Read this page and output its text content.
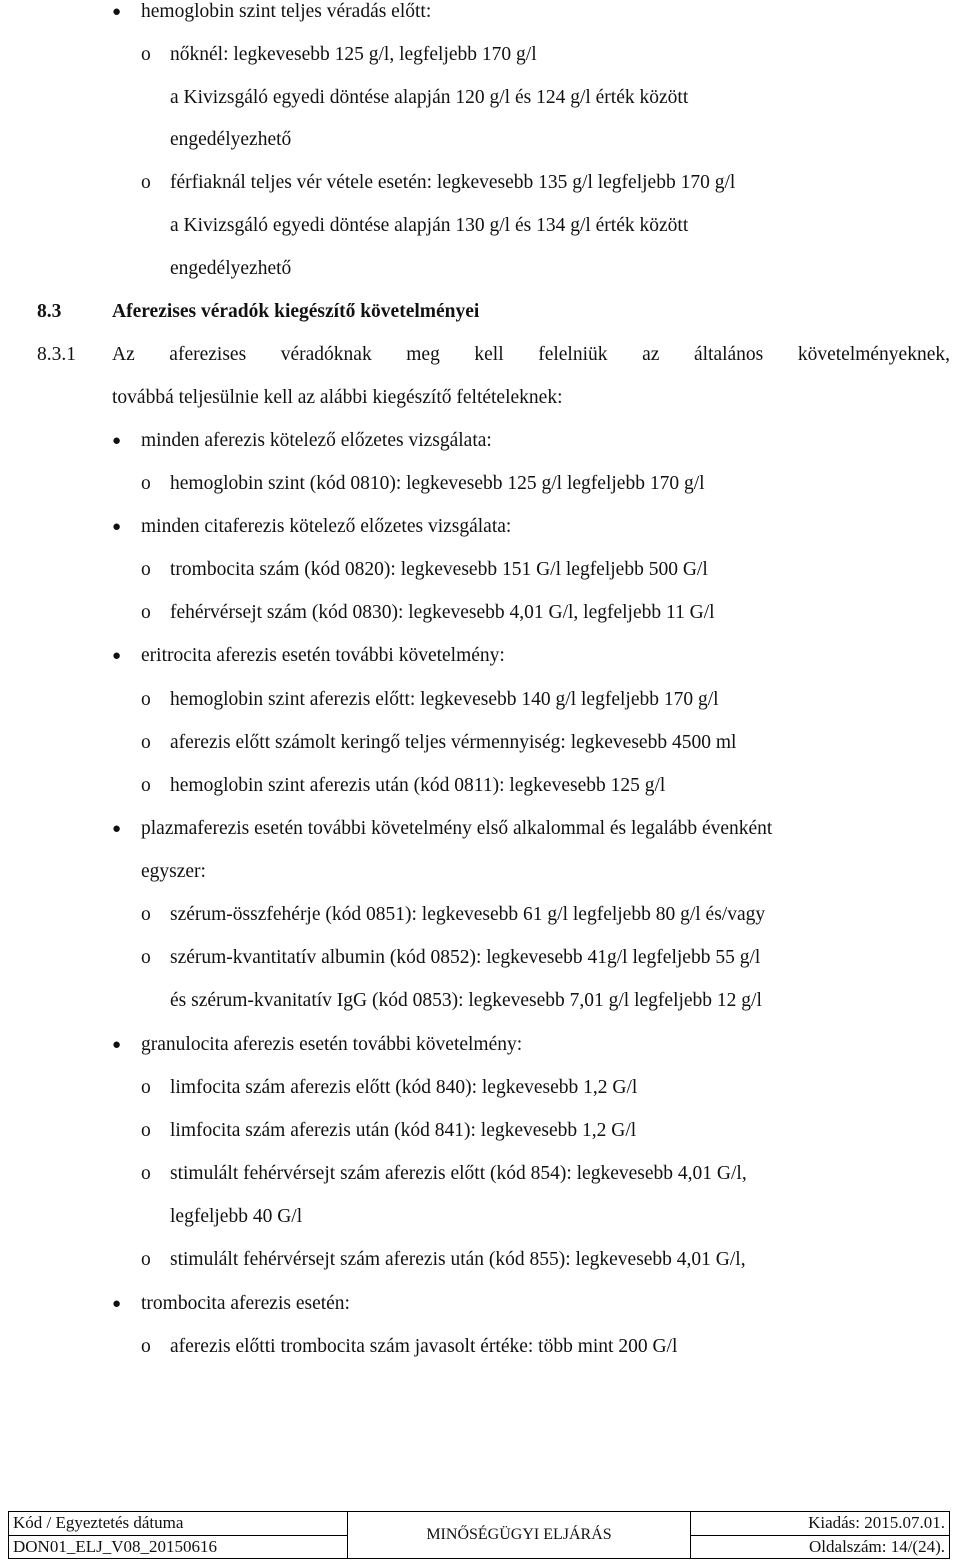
● hemoglobin szint teljes véradás előtt:
o nőknél: legkevesebb 125 g/l, legfeljebb 170 g/l
a Kivizsgáló egyedi döntése alapján 120 g/l és 124 g/l érték között
engedélyezhető
o férfiaknál teljes vér vétele esetén: legkevesebb 135 g/l legfeljebb 170 g/l
a Kivizsgáló egyedi döntése alapján 130 g/l és 134 g/l érték között
engedélyezhető
8.3	Aferezises véradók kiegészítő követelményei
8.3.1 Az aferezises véradóknak meg kell felelniük az általános követelményeknek,
továbbá teljesülnie kell az alábbi kiegészítő feltételeknek:
● minden aferezis kötelező előzetes vizsgálata:
o hemoglobin szint (kód 0810): legkevesebb 125 g/l legfeljebb 170 g/l
● minden citaferezis kötelező előzetes vizsgálata:
o trombocita szám (kód 0820): legkevesebb 151 G/l legfeljebb 500 G/l
o fehérvérsejt szám (kód 0830): legkevesebb 4,01 G/l, legfeljebb 11 G/l
● eritrocita aferezis esetén további követelmény:
o hemoglobin szint aferezis előtt: legkevesebb 140 g/l legfeljebb 170 g/l
o aferezis előtt számolt keringő teljes vérmennyiség: legkevesebb 4500 ml
o hemoglobin szint aferezis után (kód 0811): legkevesebb 125 g/l
● plazmaferezis esetén további követelmény első alkalommal és legalább évenként
egyszer:
o szérum-összfehérje (kód 0851): legkevesebb 61 g/l legfeljebb 80 g/l és/vagy
o szérum-kvantitatív albumin (kód 0852): legkevesebb 41g/l legfeljebb 55 g/l
és szérum-kvanitatív IgG (kód 0853): legkevesebb 7,01 g/l legfeljebb 12 g/l
● granulocita aferezis esetén további követelmény:
o limfocita szám aferezis előtt (kód 840): legkevesebb 1,2 G/l
o limfocita szám aferezis után (kód 841): legkevesebb 1,2 G/l
o stimulált fehérvérsejt szám aferezis előtt (kód 854): legkevesebb 4,01 G/l,
legfeljebb 40 G/l
o stimulált fehérvérsejt szám aferezis után (kód 855): legkevesebb 4,01 G/l,
● trombocita aferezis esetén:
o aferezis előtti trombocita szám javasolt értéke: több mint 200 G/l
Kód / Egyeztetés dátuma	MINŐSÉGÜGYI ELJÁRÁS	Kiadás: 2015.07.01.
DON01_ELJ_V08_20150616		Oldalszám: 14/(24).
